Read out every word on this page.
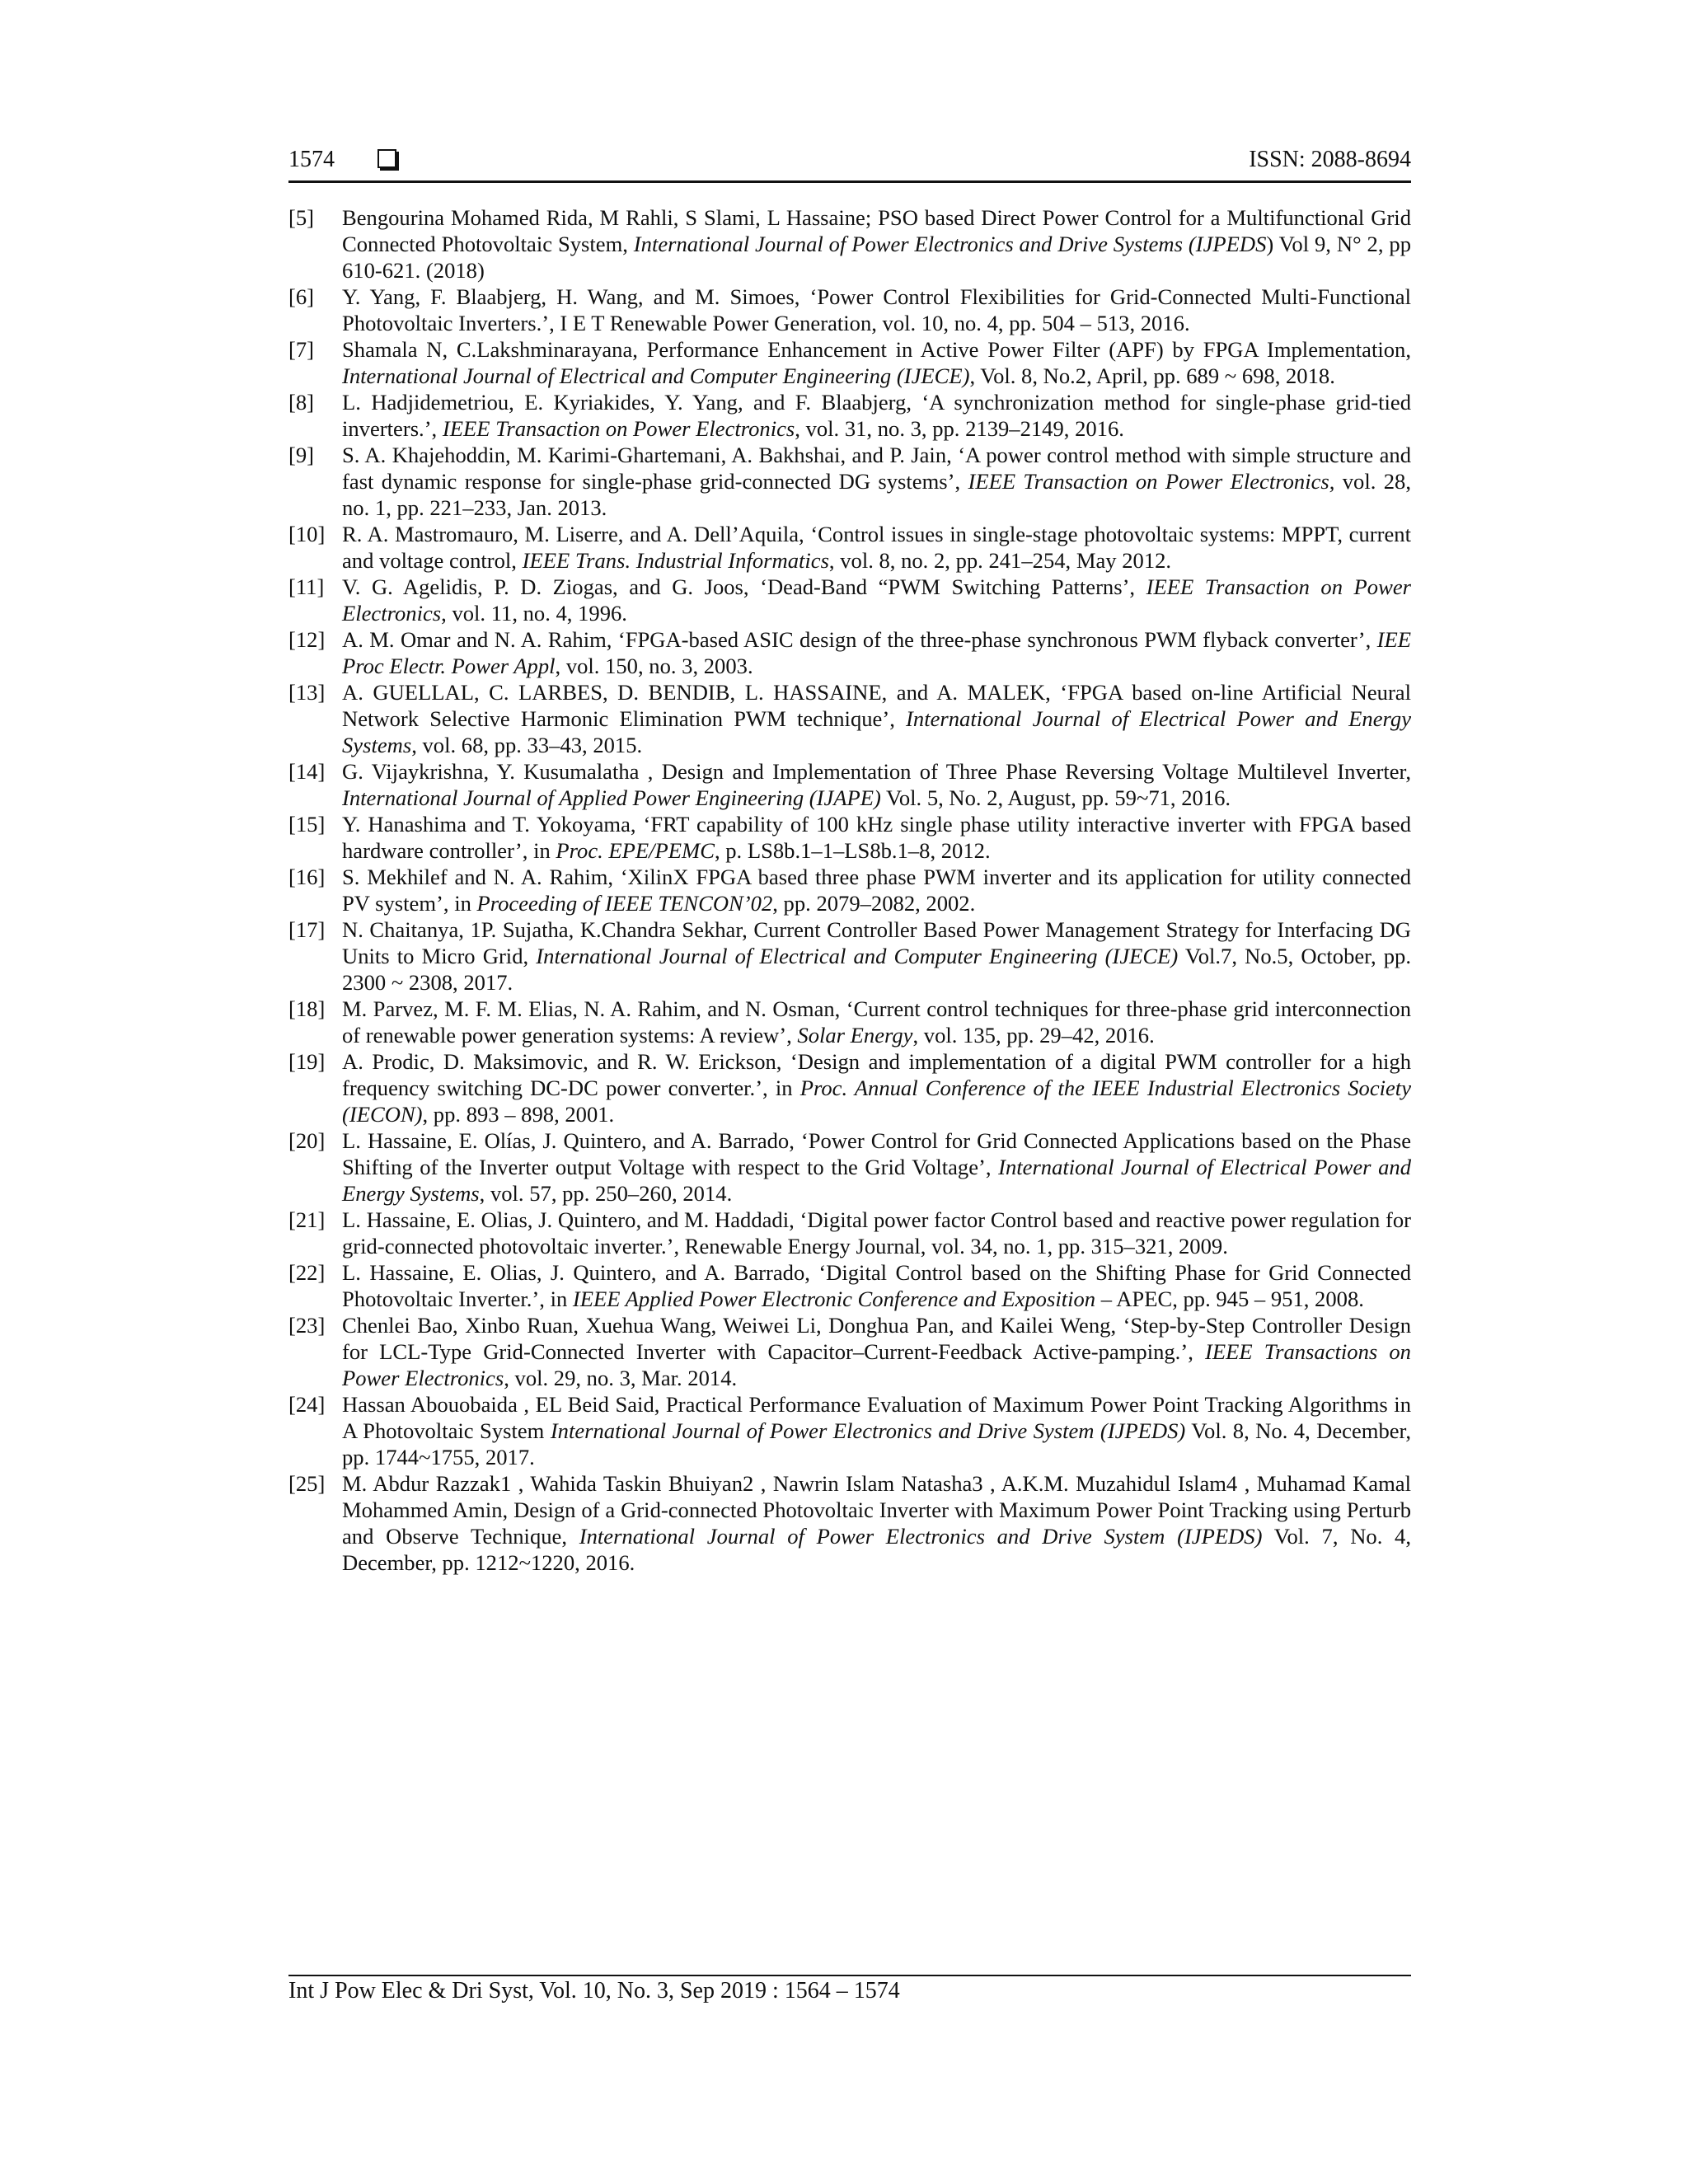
1574	ISSN: 2088-8694

[5] Bengourina Mohamed Rida, M Rahli, S Slami, L Hassaine; PSO based Direct Power Control for a Multifunctional Grid Connected Photovoltaic System, International Journal of Power Electronics and Drive Systems (IJPEDS) Vol 9, N° 2, pp 610-621. (2018)

[6] Y. Yang, F. Blaabjerg, H. Wang, and M. Simoes, ‘Power Control Flexibilities for Grid-Connected Multi-Functional Photovoltaic Inverters.’, I E T Renewable Power Generation, vol. 10, no. 4, pp. 504 – 513, 2016.

[7] Shamala N, C.Lakshminarayana, Performance Enhancement in Active Power Filter (APF) by FPGA Implementation, International Journal of Electrical and Computer Engineering (IJECE), Vol. 8, No.2, April, pp. 689 ~ 698, 2018.

[8] L. Hadjidemetriou, E. Kyriakides, Y. Yang, and F. Blaabjerg, ‘A synchronization method for single-phase grid-tied inverters.’, IEEE Transaction on Power Electronics, vol. 31, no. 3, pp. 2139–2149, 2016.

[9] S. A. Khajehoddin, M. Karimi-Ghartemani, A. Bakhshai, and P. Jain, ‘A power control method with simple structure and fast dynamic response for single-phase grid-connected DG systems’, IEEE Transaction on Power Electronics, vol. 28, no. 1, pp. 221–233, Jan. 2013.

[10] R. A. Mastromauro, M. Liserre, and A. Dell’Aquila, ‘Control issues in single-stage photovoltaic systems: MPPT, current and voltage control, IEEE Trans. Industrial Informatics, vol. 8, no. 2, pp. 241–254, May 2012.

[11] V. G. Agelidis, P. D. Ziogas, and G. Joos, ‘Dead-Band “PWM Switching Patterns’, IEEE Transaction on Power Electronics, vol. 11, no. 4, 1996.

[12] A. M. Omar and N. A. Rahim, ‘FPGA-based ASIC design of the three-phase synchronous PWM flyback converter’, IEE Proc Electr. Power Appl, vol. 150, no. 3, 2003.

[13] A. GUELLAL, C. LARBES, D. BENDIB, L. HASSAINE, and A. MALEK, ‘FPGA based on-line Artificial Neural Network Selective Harmonic Elimination PWM technique’, International Journal of Electrical Power and Energy Systems, vol. 68, pp. 33–43, 2015.

[14] G. Vijaykrishna, Y. Kusumalatha , Design and Implementation of Three Phase Reversing Voltage Multilevel Inverter, International Journal of Applied Power Engineering (IJAPE) Vol. 5, No. 2, August, pp. 59~71, 2016.

[15] Y. Hanashima and T. Yokoyama, ‘FRT capability of 100 kHz single phase utility interactive inverter with FPGA based hardware controller’, in Proc. EPE/PEMC, p. LS8b.1–1–LS8b.1–8, 2012.

[16] S. Mekhilef and N. A. Rahim, ‘XilinX FPGA based three phase PWM inverter and its application for utility connected PV system’, in Proceeding of IEEE TENCON’02, pp. 2079–2082, 2002.

[17] N. Chaitanya, 1P. Sujatha, K.Chandra Sekhar, Current Controller Based Power Management Strategy for Interfacing DG Units to Micro Grid, International Journal of Electrical and Computer Engineering (IJECE) Vol.7, No.5, October, pp. 2300 ~ 2308, 2017.

[18] M. Parvez, M. F. M. Elias, N. A. Rahim, and N. Osman, ‘Current control techniques for three-phase grid interconnection of renewable power generation systems: A review’, Solar Energy, vol. 135, pp. 29–42, 2016.

[19] A. Prodic, D. Maksimovic, and R. W. Erickson, ‘Design and implementation of a digital PWM controller for a high frequency switching DC-DC power converter.’, in Proc. Annual Conference of the IEEE Industrial Electronics Society (IECON), pp. 893 – 898, 2001.

[20] L. Hassaine, E. Olías, J. Quintero, and A. Barrado, ‘Power Control for Grid Connected Applications based on the Phase Shifting of the Inverter output Voltage with respect to the Grid Voltage’, International Journal of Electrical Power and Energy Systems, vol. 57, pp. 250–260, 2014.

[21] L. Hassaine, E. Olias, J. Quintero, and M. Haddadi, ‘Digital power factor Control based and reactive power regulation for grid-connected photovoltaic inverter.’, Renewable Energy Journal, vol. 34, no. 1, pp. 315–321, 2009.

[22] L. Hassaine, E. Olias, J. Quintero, and A. Barrado, ‘Digital Control based on the Shifting Phase for Grid Connected Photovoltaic Inverter.’, in IEEE Applied Power Electronic Conference and Exposition – APEC, pp. 945 – 951, 2008.

[23] Chenlei Bao, Xinbo Ruan, Xuehua Wang, Weiwei Li, Donghua Pan, and Kailei Weng, ‘Step-by-Step Controller Design for LCL-Type Grid-Connected Inverter with Capacitor–Current-Feedback Active-pamping.’, IEEE Transactions on Power Electronics, vol. 29, no. 3, Mar. 2014.

[24] Hassan Abouobaida , EL Beid Said, Practical Performance Evaluation of Maximum Power Point Tracking Algorithms in A Photovoltaic System International Journal of Power Electronics and Drive System (IJPEDS) Vol. 8, No. 4, December, pp. 1744~1755, 2017.

[25] M. Abdur Razzak1 , Wahida Taskin Bhuiyan2 , Nawrin Islam Natasha3 , A.K.M. Muzahidul Islam4 , Muhamad Kamal Mohammed Amin, Design of a Grid-connected Photovoltaic Inverter with Maximum Power Point Tracking using Perturb and Observe Technique, International Journal of Power Electronics and Drive System (IJPEDS) Vol. 7, No. 4, December, pp. 1212~1220, 2016.

Int J Pow Elec & Dri Syst, Vol. 10, No. 3, Sep 2019 : 1564 – 1574
